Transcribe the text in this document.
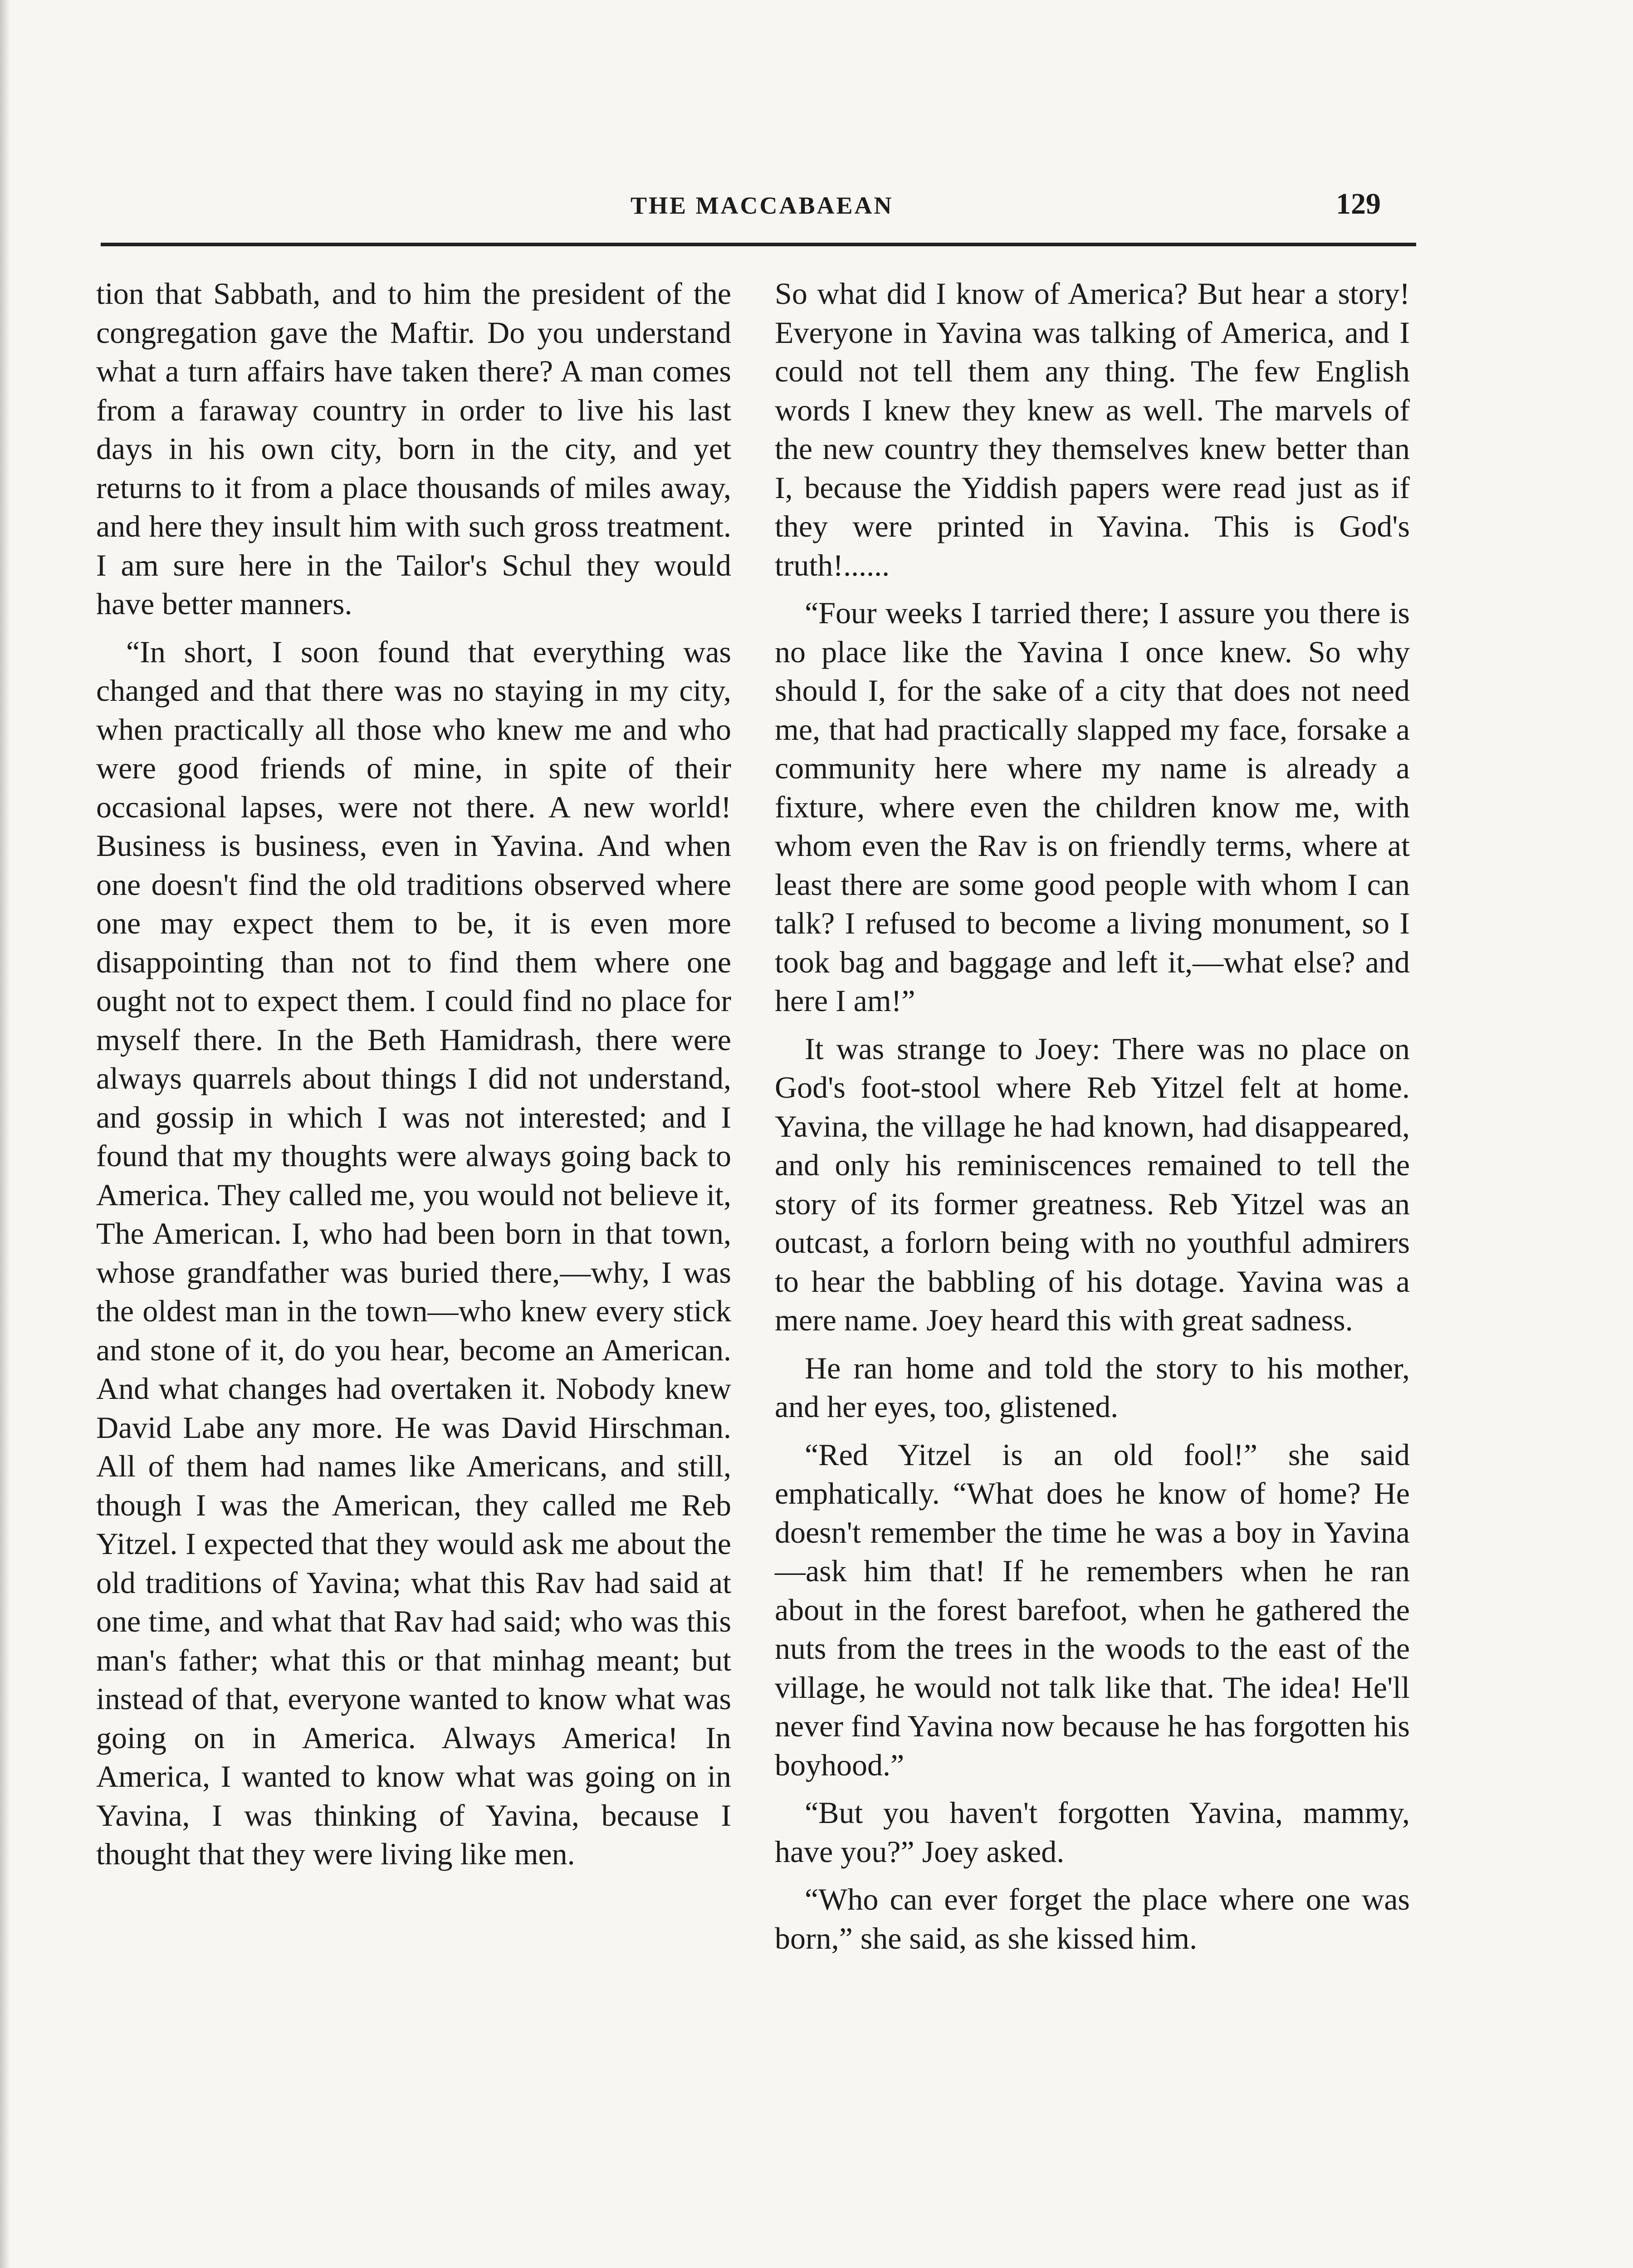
THE MACCABAEAN	129

tion that Sabbath, and to him the president of the congregation gave the Maftir. Do you understand what a turn affairs have taken there? A man comes from a faraway country in order to live his last days in his own city, born in the city, and yet returns to it from a place thousands of miles away, and here they insult him with such gross treatment. I am sure here in the Tailor's Schul they would have better manners.

“In short, I soon found that everything was changed and that there was no staying in my city, when practically all those who knew me and who were good friends of mine, in spite of their occasional lapses, were not there. A new world! Business is business, even in Yavina. And when one doesn't find the old traditions observed where one may expect them to be, it is even more disappointing than not to find them where one ought not to expect them. I could find no place for myself there. In the Beth Hamidrash, there were always quarrels about things I did not understand, and gossip in which I was not interested; and I found that my thoughts were always going back to America. They called me, you would not believe it, The American. I, who had been born in that town, whose grandfather was buried there,—why, I was the oldest man in the town—who knew every stick and stone of it, do you hear, become an American. And what changes had overtaken it. Nobody knew David Labe any more. He was David Hirschman. All of them had names like Americans, and still, though I was the American, they called me Reb Yitzel. I expected that they would ask me about the old traditions of Yavina; what this Rav had said at one time, and what that Rav had said; who was this man's father; what this or that minhag meant; but instead of that, everyone wanted to know what was going on in America. Always America! In America, I wanted to know what was going on in Yavina, I was thinking of Yavina, because I thought that they were living like men.

So what did I know of America? But hear a story! Everyone in Yavina was talking of America, and I could not tell them any thing. The few English words I knew they knew as well. The marvels of the new country they themselves knew better than I, because the Yiddish papers were read just as if they were printed in Yavina. This is God's truth!......

“Four weeks I tarried there; I assure you there is no place like the Yavina I once knew. So why should I, for the sake of a city that does not need me, that had practically slapped my face, forsake a community here where my name is already a fixture, where even the children know me, with whom even the Rav is on friendly terms, where at least there are some good people with whom I can talk? I refused to become a living monument, so I took bag and baggage and left it,—what else? and here I am!”

It was strange to Joey: There was no place on God's foot-stool where Reb Yitzel felt at home. Yavina, the village he had known, had disappeared, and only his reminiscences remained to tell the story of its former greatness. Reb Yitzel was an outcast, a forlorn being with no youthful admirers to hear the babbling of his dotage. Yavina was a mere name. Joey heard this with great sadness.

He ran home and told the story to his mother, and her eyes, too, glistened.

“Red Yitzel is an old fool!” she said emphatically. “What does he know of home? He doesn't remember the time he was a boy in Yavina—ask him that! If he remembers when he ran about in the forest barefoot, when he gathered the nuts from the trees in the woods to the east of the village, he would not talk like that. The idea! He'll never find Yavina now because he has forgotten his boyhood.”

“But you haven't forgotten Yavina, mammy, have you?” Joey asked.

“Who can ever forget the place where one was born,” she said, as she kissed him.
